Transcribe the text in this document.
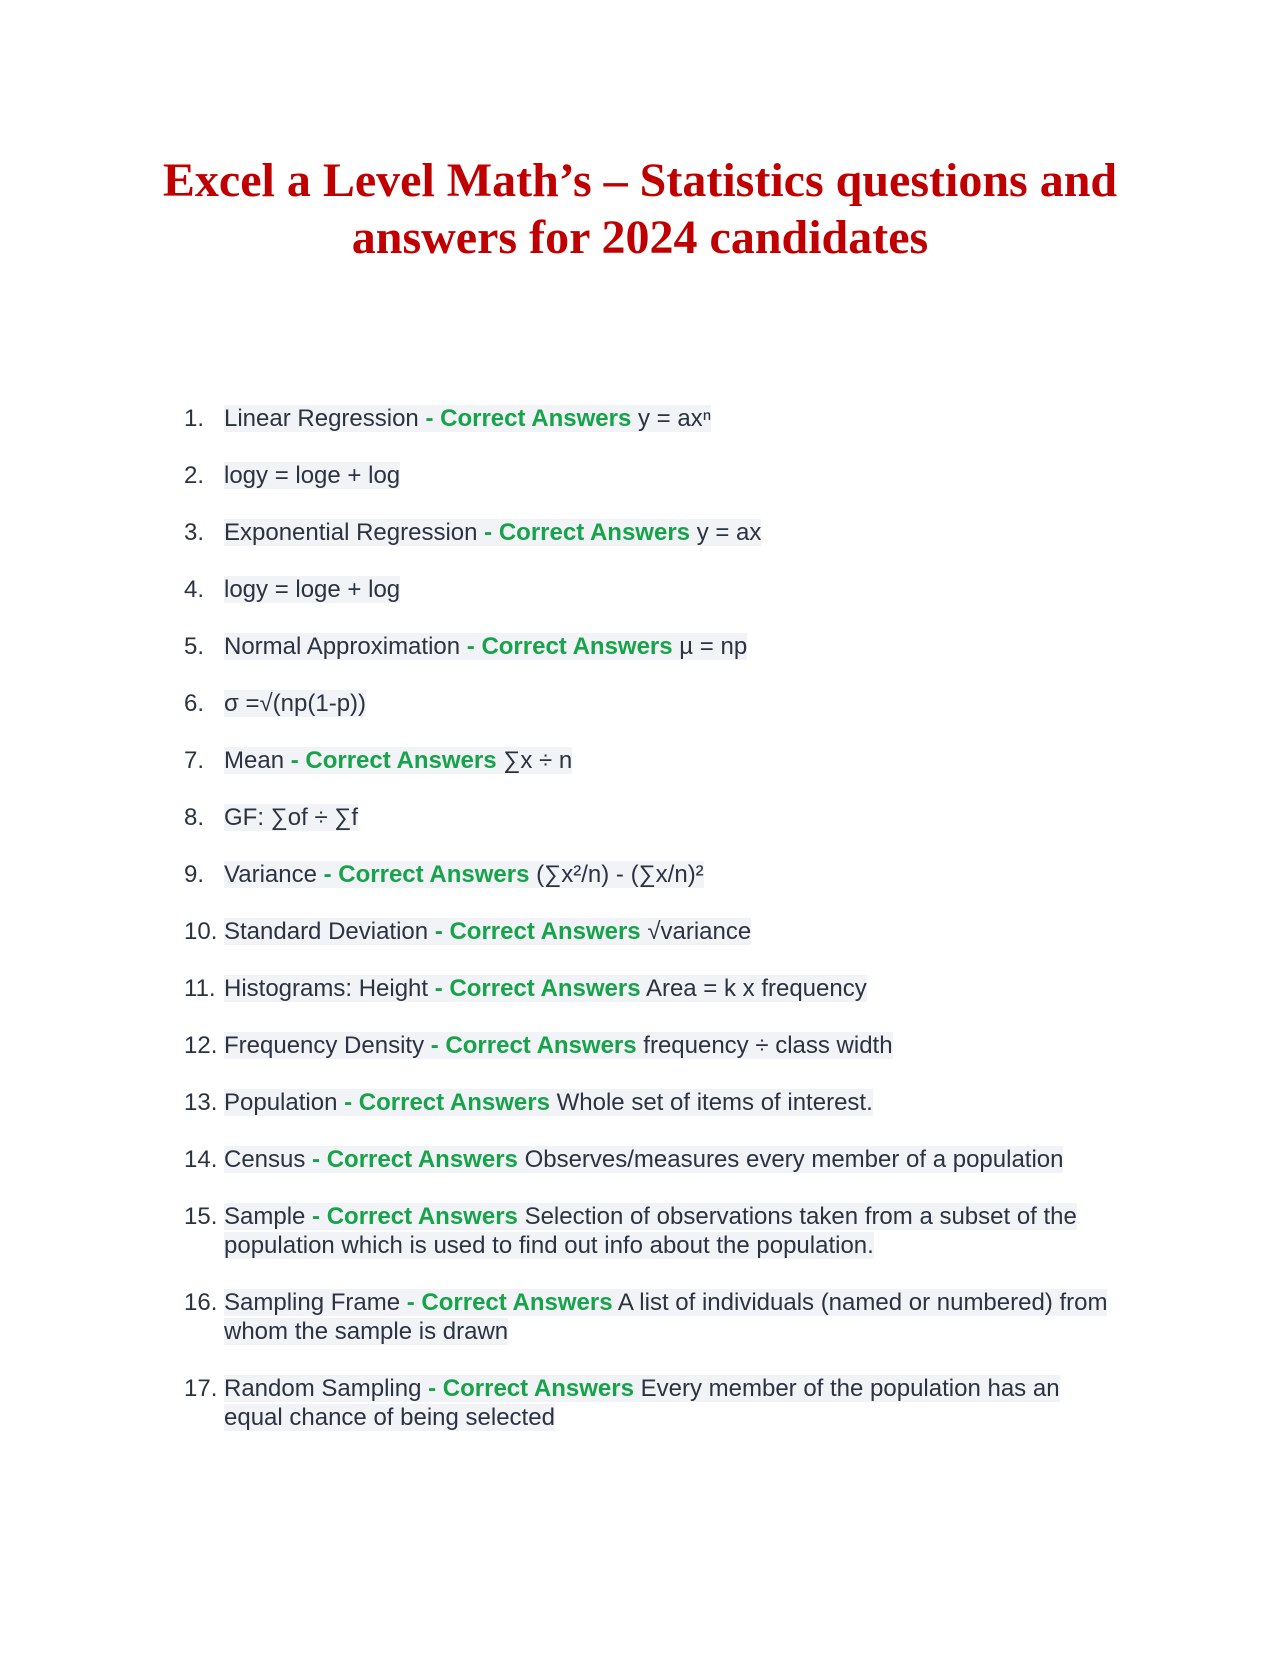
Excel a Level Math’s – Statistics questions and answers for 2024 candidates
1. Linear Regression - Correct Answers y = axⁿ
2. logy = loge + log
3. Exponential Regression - Correct Answers y = ax
4. logy = loge + log
5. Normal Approximation - Correct Answers µ = np
6. σ =√(np(1-p))
7. Mean - Correct Answers ∑x ÷ n
8. GF: ∑of ÷ ∑f
9. Variance - Correct Answers (∑x²/n) - (∑x/n)²
10. Standard Deviation - Correct Answers √variance
11. Histograms: Height - Correct Answers Area = k x frequency
12. Frequency Density - Correct Answers frequency ÷ class width
13. Population - Correct Answers Whole set of items of interest.
14. Census - Correct Answers Observes/measures every member of a population
15. Sample - Correct Answers Selection of observations taken from a subset of the population which is used to find out info about the population.
16. Sampling Frame - Correct Answers A list of individuals (named or numbered) from whom the sample is drawn
17. Random Sampling - Correct Answers Every member of the population has an equal chance of being selected
